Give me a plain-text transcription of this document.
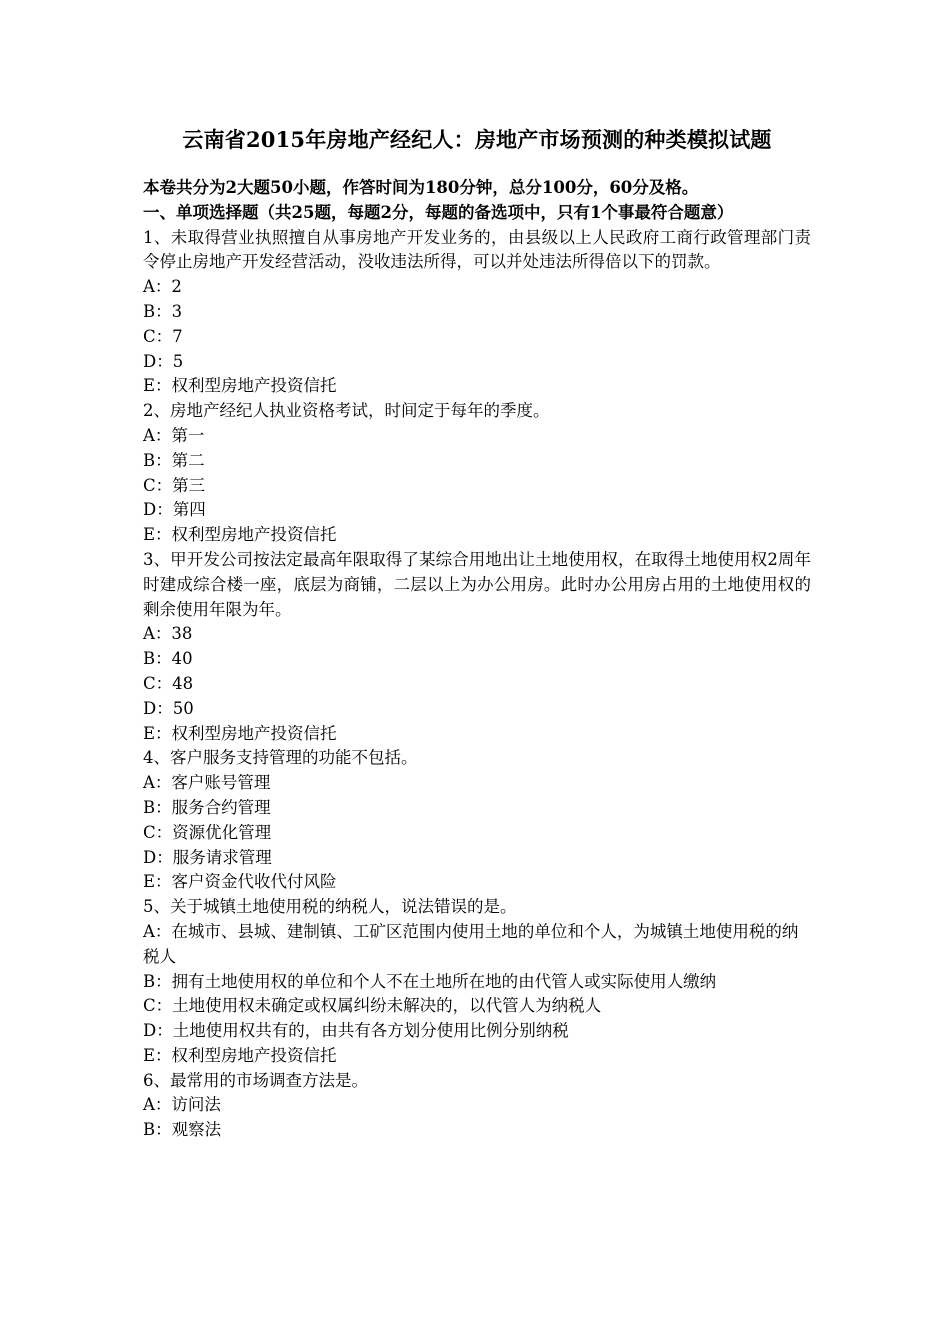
云南省2015年房地产经纪人：房地产市场预测的种类模拟试题
本卷共分为2大题50小题，作答时间为180分钟，总分100分，60分及格。
一、单项选择题（共25题，每题2分，每题的备选项中，只有1个事最符合题意）
1、未取得营业执照擅自从事房地产开发业务的，由县级以上人民政府工商行政管理部门责令停止房地产开发经营活动，没收违法所得，可以并处违法所得倍以下的罚款。
A：2
B：3
C：7
D：5
E：权利型房地产投资信托
2、房地产经纪人执业资格考试，时间定于每年的季度。
A：第一
B：第二
C：第三
D：第四
E：权利型房地产投资信托
3、甲开发公司按法定最高年限取得了某综合用地出让土地使用权，在取得土地使用权2周年时建成综合楼一座，底层为商铺，二层以上为办公用房。此时办公用房占用的土地使用权的剩余使用年限为年。
A：38
B：40
C：48
D：50
E：权利型房地产投资信托
4、客户服务支持管理的功能不包括。
A：客户账号管理
B：服务合约管理
C：资源优化管理
D：服务请求管理
E：客户资金代收代付风险
5、关于城镇土地使用税的纳税人，说法错误的是。
A：在城市、县城、建制镇、工矿区范围内使用土地的单位和个人，为城镇土地使用税的纳税人
B：拥有土地使用权的单位和个人不在土地所在地的由代管人或实际使用人缴纳
C：土地使用权未确定或权属纠纷未解决的，以代管人为纳税人
D：土地使用权共有的，由共有各方划分使用比例分别纳税
E：权利型房地产投资信托
6、最常用的市场调查方法是。
A：访问法
B：观察法
